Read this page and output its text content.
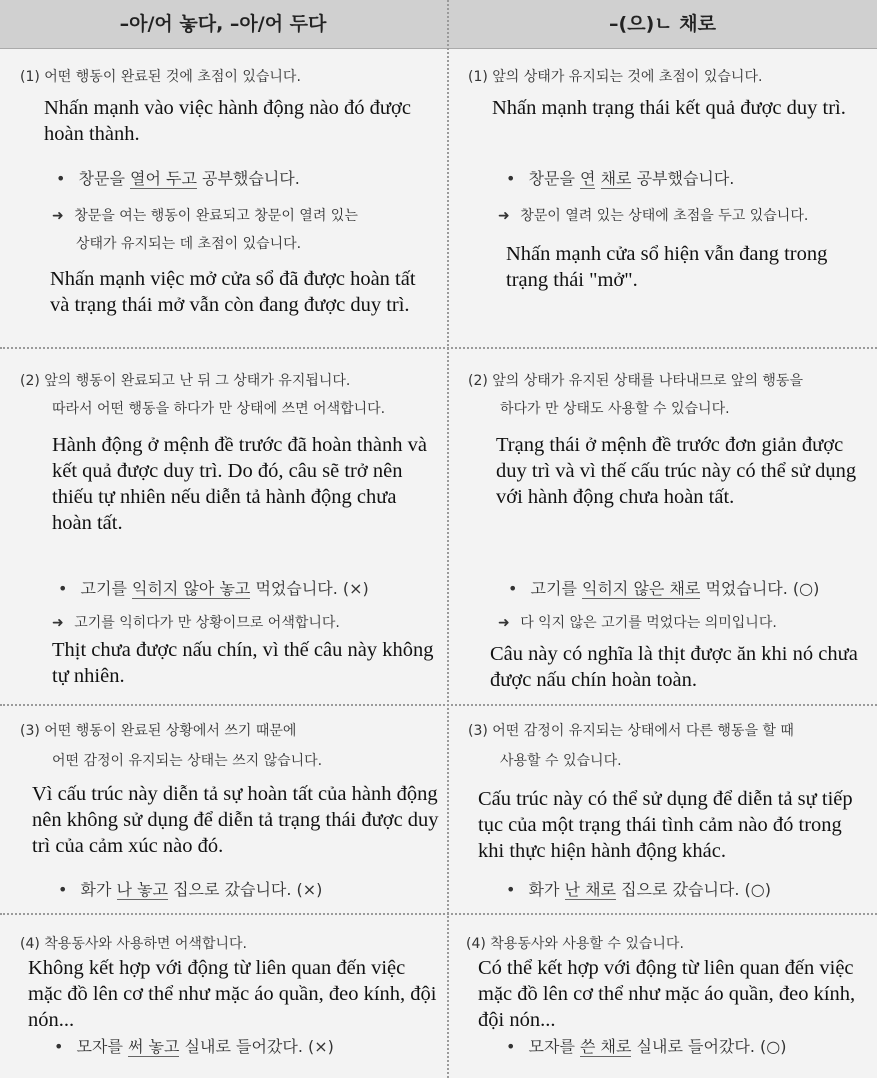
–아/어 놓다, –아/어 두다	–(으)ㄴ 채로
(1) 어떤 행동이 완료된 것에 초점이 있습니다.
Nhấn mạnh vào việc hành động nào đó được hoàn thành.
• 창문을 열어 두고 공부했습니다.
➜ 창문을 여는 행동이 완료되고 창문이 열려 있는
상태가 유지되는 데 초점이 있습니다.
Nhấn mạnh việc mở cửa sổ đã được hoàn tất và trạng thái mở vẫn còn đang được duy trì.
(1) 앞의 상태가 유지되는 것에 초점이 있습니다.
Nhấn mạnh trạng thái kết quả được duy trì.
• 창문을 연 채로 공부했습니다.
➜ 창문이 열려 있는 상태에 초점을 두고 있습니다.
Nhấn mạnh cửa sổ hiện vẫn đang trong trạng thái "mở".
(2) 앞의 행동이 완료되고 난 뒤 그 상태가 유지됩니다.
따라서 어떤 행동을 하다가 만 상태에 쓰면 어색합니다.
Hành động ở mệnh đề trước đã hoàn thành và kết quả được duy trì. Do đó, câu sẽ trở nên thiếu tự nhiên nếu diễn tả hành động chưa hoàn tất.
• 고기를 익히지 않아 놓고 먹었습니다. (×)
➜ 고기를 익히다가 만 상황이므로 어색합니다.
Thịt chưa được nấu chín, vì thế câu này không tự nhiên.
(2) 앞의 상태가 유지된 상태를 나타내므로 앞의 행동을
하다가 만 상태도 사용할 수 있습니다.
Trạng thái ở mệnh đề trước đơn giản được duy trì và vì thế cấu trúc này có thể sử dụng với hành động chưa hoàn tất.
• 고기를 익히지 않은 채로 먹었습니다. (○)
➜ 다 익지 않은 고기를 먹었다는 의미입니다.
Câu này có nghĩa là thịt được ăn khi nó chưa được nấu chín hoàn toàn.
(3) 어떤 행동이 완료된 상황에서 쓰기 때문에
어떤 감정이 유지되는 상태는 쓰지 않습니다.
Vì cấu trúc này diễn tả sự hoàn tất của hành động nên không sử dụng để diễn tả trạng thái được duy trì của cảm xúc nào đó.
• 화가 나 놓고 집으로 갔습니다. (×)
(3) 어떤 감정이 유지되는 상태에서 다른 행동을 할 때
사용할 수 있습니다.
Cấu trúc này có thể sử dụng để diễn tả sự tiếp tục của một trạng thái tình cảm nào đó trong khi thực hiện hành động khác.
• 화가 난 채로 집으로 갔습니다. (○)
(4) 착용동사와 사용하면 어색합니다.
Không kết hợp với động từ liên quan đến việc mặc đồ lên cơ thể như mặc áo quần, đeo kính, đội nón...
• 모자를 써 놓고 실내로 들어갔다. (×)
(4) 착용동사와 사용할 수 있습니다.
Có thể kết hợp với động từ liên quan đến việc mặc đồ lên cơ thể như mặc áo quần, đeo kính, đội nón...
• 모자를 쓴 채로 실내로 들어갔다. (○)
